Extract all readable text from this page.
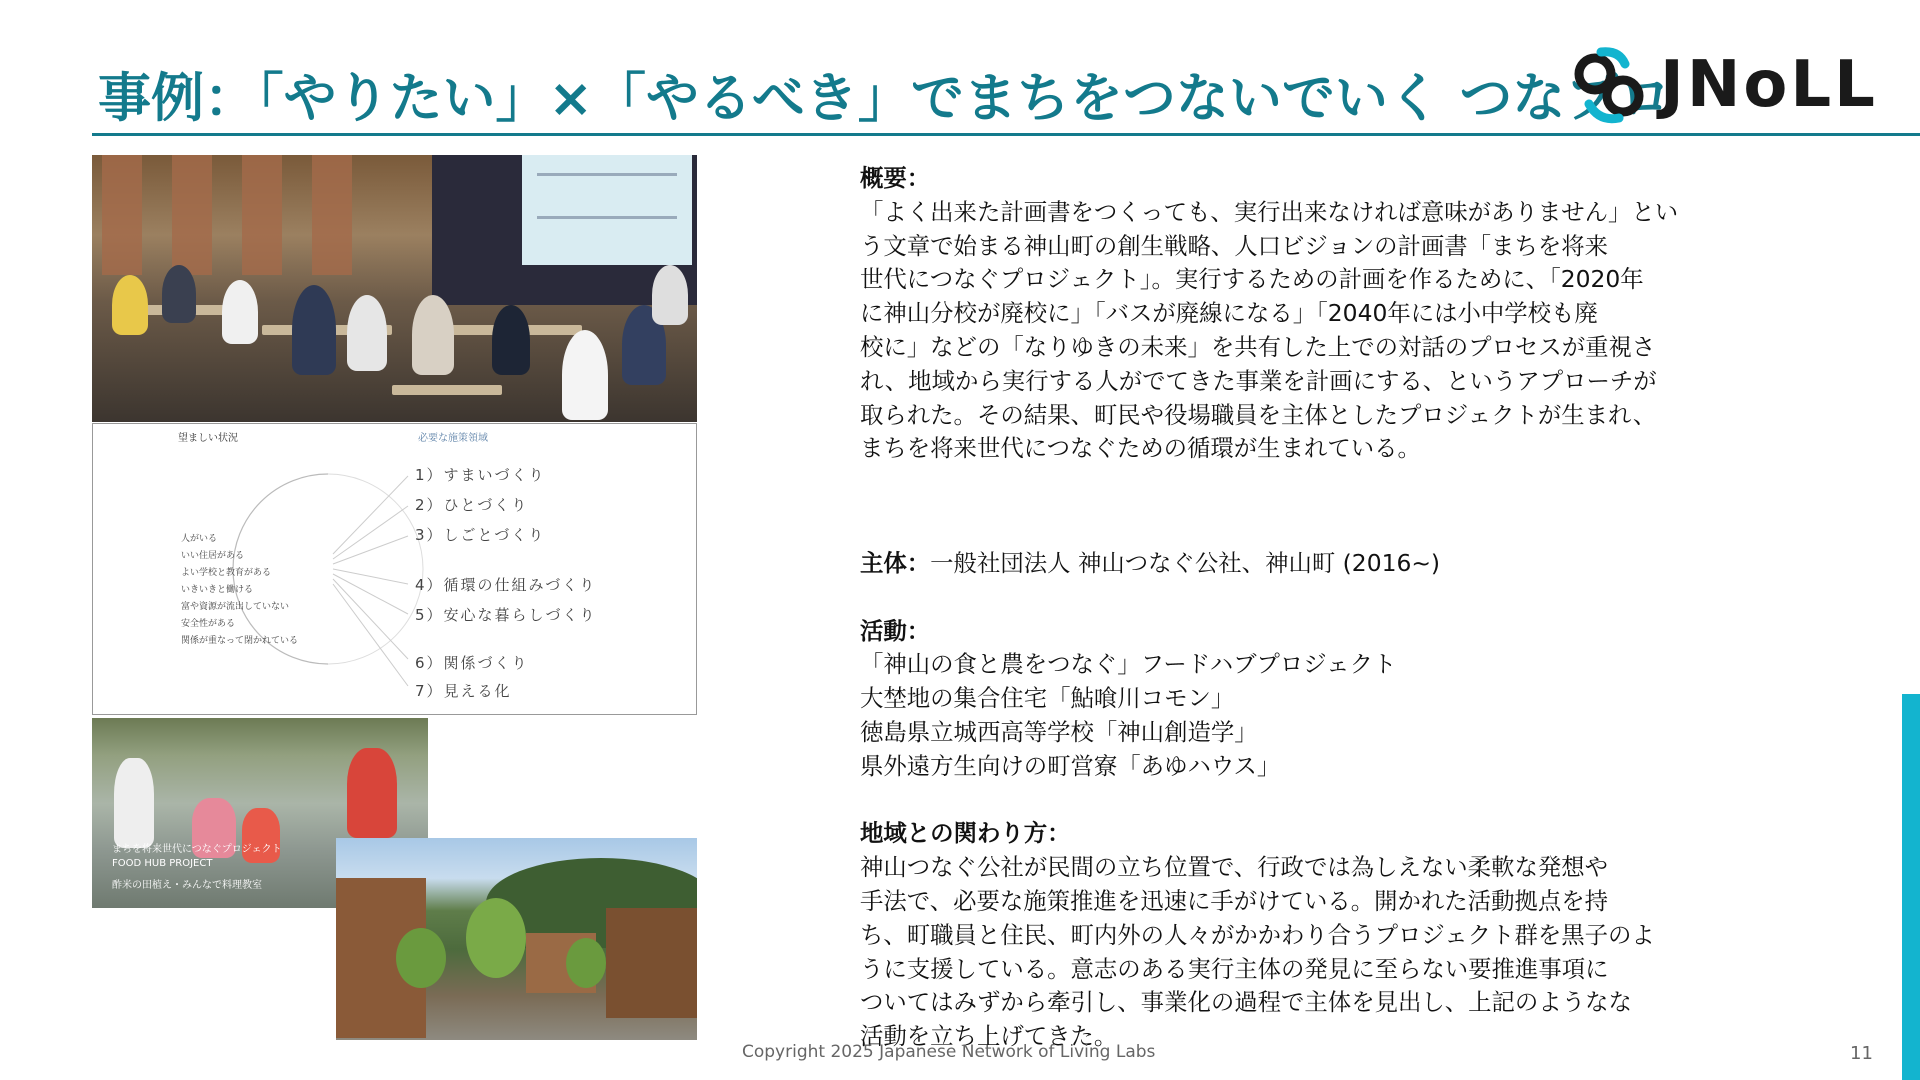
事例：「やりたい」×「やるべき」でまちをつないでいく つなプロ
JNoLL
望ましい状況	必要な施策領域
人がいる
いい住居がある
よい学校と教育がある
いきいきと働ける
富や資源が流出していない
安全性がある
関係が重なって閉かれている
1）すまいづくり
2）ひとづくり
3）しごとづくり
4）循環の仕組みづくり
5）安心な暮らしづくり
6）関係づくり
7）見える化
まちを将来世代につなぐプロジェクト
FOOD HUB PROJECT
酢米の田植え・みんなで料理教室

概要：

「よく出来た計画書をつくっても、実行出来なければ意味がありません」とい

う文章で始まる神山町の創生戦略、人口ビジョンの計画書「まちを将来

世代につなぐプロジェクト」。実行するための計画を作るために、「2020年

に神山分校が廃校に」「バスが廃線になる」「2040年には小中学校も廃

校に」などの「なりゆきの未来」を共有した上での対話のプロセスが重視さ

れ、地域から実行する人がでてきた事業を計画にする、というアプローチが

取られた。その結果、町民や役場職員を主体としたプロジェクトが生まれ、

まちを将来世代につなぐための循環が生まれている。

主体：一般社団法人 神山つなぐ公社、神山町 (2016~)

活動：

「神山の食と農をつなぐ」フードハブプロジェクト

大埜地の集合住宅「鮎喰川コモン」

徳島県立城西高等学校「神山創造学」

県外遠方生向けの町営寮「あゆハウス」

地域との関わり方：

神山つなぐ公社が民間の立ち位置で、行政では為しえない柔軟な発想や

手法で、必要な施策推進を迅速に手がけている。開かれた活動拠点を持

ち、町職員と住民、町内外の人々がかかわり合うプロジェクト群を黒子のよ

うに支援している。意志のある実行主体の発見に至らない要推進事項に

ついてはみずから牽引し、事業化の過程で主体を見出し、上記のようなな

活動を立ち上げてきた。

Copyright 2025 Japanese Network of Living Labs	11
